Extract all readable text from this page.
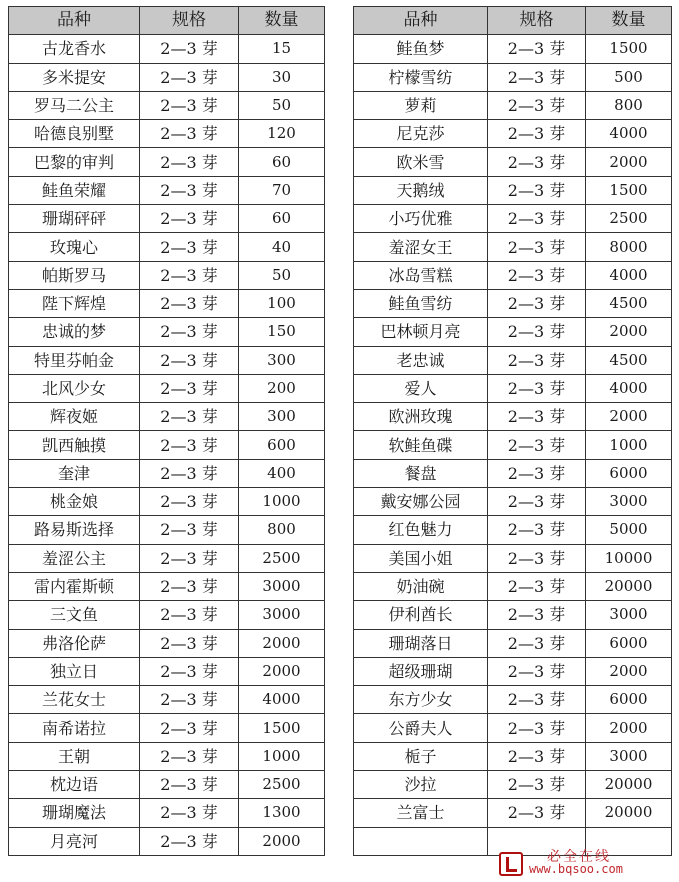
品种	规格	数量
古龙香水	2—3 芽	15
多米提安	2—3 芽	30
罗马二公主	2—3 芽	50
哈德良别墅	2—3 芽	120
巴黎的审判	2—3 芽	60
鲑鱼荣耀	2—3 芽	70
珊瑚砰砰	2—3 芽	60
玫瑰心	2—3 芽	40
帕斯罗马	2—3 芽	50
陛下辉煌	2—3 芽	100
忠诚的梦	2—3 芽	150
特里芬帕金	2—3 芽	300
北风少女	2—3 芽	200
辉夜姬	2—3 芽	300
凯西触摸	2—3 芽	600
奎津	2—3 芽	400
桃金娘	2—3 芽	1000
路易斯选择	2—3 芽	800
羞涩公主	2—3 芽	2500
雷内霍斯顿	2—3 芽	3000
三文鱼	2—3 芽	3000
弗洛伦萨	2—3 芽	2000
独立日	2—3 芽	2000
兰花女士	2—3 芽	4000
南希诺拉	2—3 芽	1500
王朝	2—3 芽	1000
枕边语	2—3 芽	2500
珊瑚魔法	2—3 芽	1300
月亮河	2—3 芽	2000
品种	规格	数量
鲑鱼梦	2—3 芽	1500
柠檬雪纺	2—3 芽	500
萝莉	2—3 芽	800
尼克莎	2—3 芽	4000
欧米雪	2—3 芽	2000
天鹅绒	2—3 芽	1500
小巧优雅	2—3 芽	2500
羞涩女王	2—3 芽	8000
冰岛雪糕	2—3 芽	4000
鲑鱼雪纺	2—3 芽	4500
巴林顿月亮	2—3 芽	2000
老忠诚	2—3 芽	4500
爱人	2—3 芽	4000
欧洲玫瑰	2—3 芽	2000
软鲑鱼碟	2—3 芽	1000
餐盘	2—3 芽	6000
戴安娜公园	2—3 芽	3000
红色魅力	2—3 芽	5000
美国小姐	2—3 芽	10000
奶油碗	2—3 芽	20000
伊利酋长	2—3 芽	3000
珊瑚落日	2—3 芽	6000
超级珊瑚	2—3 芽	2000
东方少女	2—3 芽	6000
公爵夫人	2—3 芽	2000
栀子	2—3 芽	3000
沙拉	2—3 芽	20000
兰富士	2—3 芽	20000

必全在线
www.bqsoo.com
